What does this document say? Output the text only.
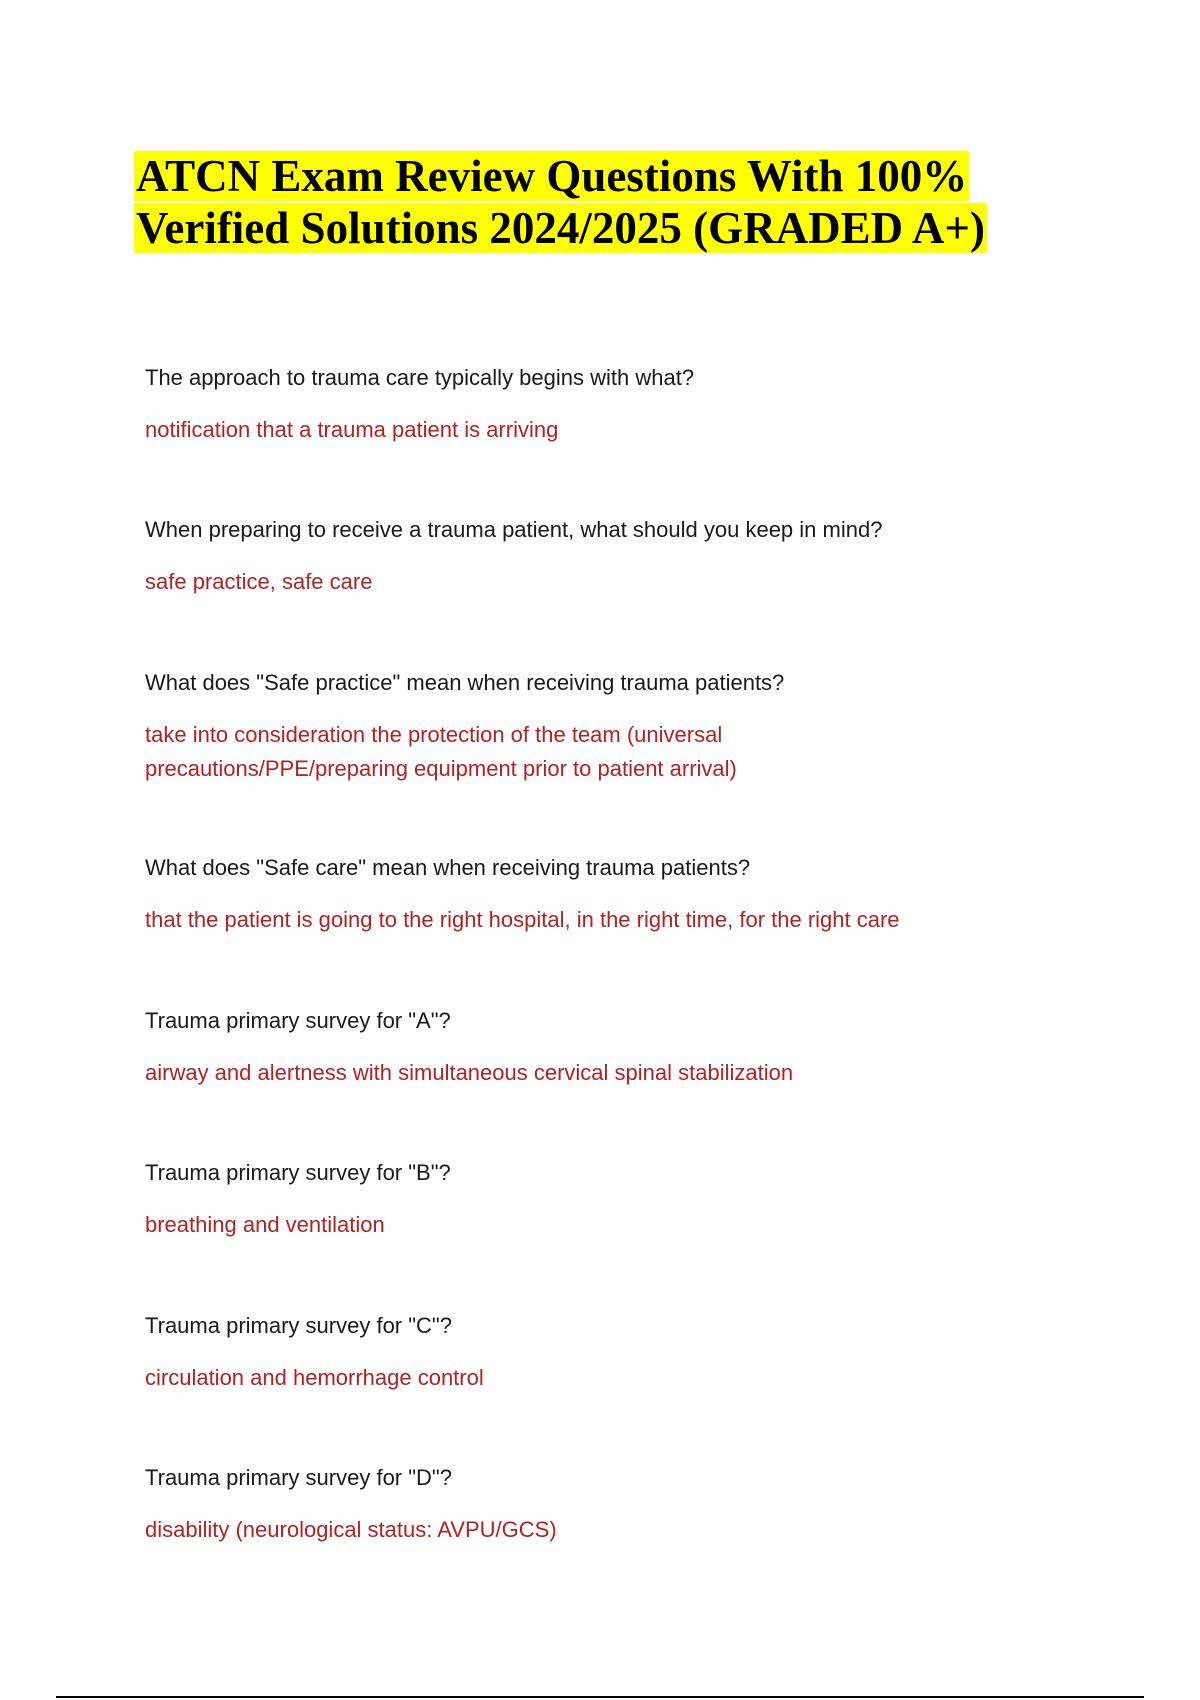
ATCN Exam Review Questions With 100% Verified Solutions 2024/2025 (GRADED A+)

The approach to trauma care typically begins with what?

notification that a trauma patient is arriving

When preparing to receive a trauma patient, what should you keep in mind?

safe practice, safe care

What does "Safe practice" mean when receiving trauma patients?

take into consideration the protection of the team (universal precautions/PPE/preparing equipment prior to patient arrival)

What does "Safe care" mean when receiving trauma patients?

that the patient is going to the right hospital, in the right time, for the right care

Trauma primary survey for "A"?

airway and alertness with simultaneous cervical spinal stabilization

Trauma primary survey for "B"?

breathing and ventilation

Trauma primary survey for "C"?

circulation and hemorrhage control

Trauma primary survey for "D"?

disability (neurological status: AVPU/GCS)
